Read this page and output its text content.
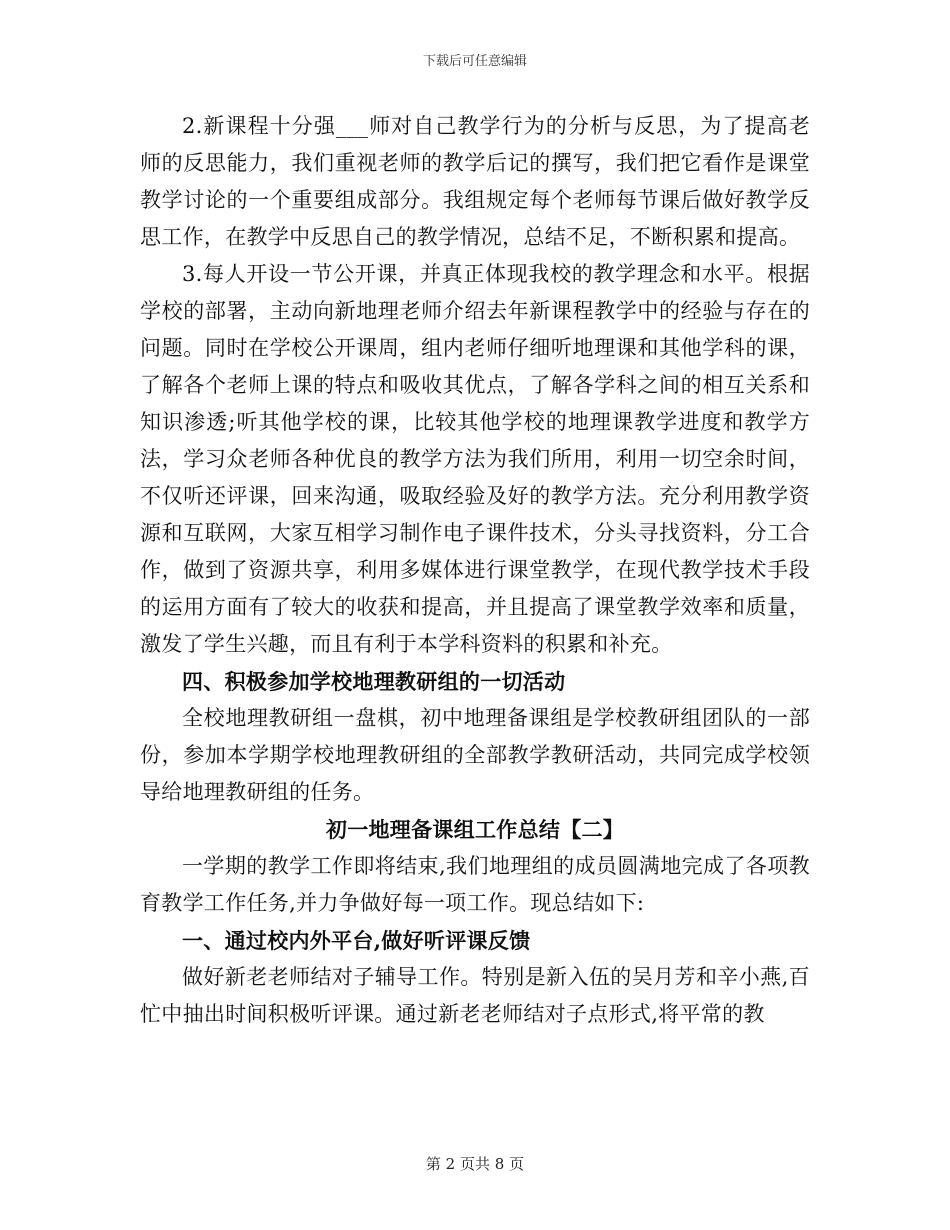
下载后可任意编辑

2.新课程十分强___师对自己教学行为的分析与反思，为了提高老师的反思能力，我们重视老师的教学后记的撰写，我们把它看作是课堂教学讨论的一个重要组成部分。我组规定每个老师每节课后做好教学反思工作，在教学中反思自己的教学情况，总结不足，不断积累和提高。

3.每人开设一节公开课，并真正体现我校的教学理念和水平。根据学校的部署，主动向新地理老师介绍去年新课程教学中的经验与存在的问题。同时在学校公开课周，组内老师仔细听地理课和其他学科的课，了解各个老师上课的特点和吸收其优点，了解各学科之间的相互关系和知识渗透;听其他学校的课，比较其他学校的地理课教学进度和教学方法，学习众老师各种优良的教学方法为我们所用，利用一切空余时间，不仅听还评课，回来沟通，吸取经验及好的教学方法。充分利用教学资源和互联网，大家互相学习制作电子课件技术，分头寻找资料，分工合作，做到了资源共享，利用多媒体进行课堂教学，在现代教学技术手段的运用方面有了较大的收获和提高，并且提高了课堂教学效率和质量，激发了学生兴趣，而且有利于本学科资料的积累和补充。

四、积极参加学校地理教研组的一切活动

全校地理教研组一盘棋，初中地理备课组是学校教研组团队的一部份，参加本学期学校地理教研组的全部教学教研活动，共同完成学校领导给地理教研组的任务。

初一地理备课组工作总结【二】

一学期的教学工作即将结束,我们地理组的成员圆满地完成了各项教育教学工作任务,并力争做好每一项工作。现总结如下:

一、通过校内外平台,做好听评课反馈

做好新老老师结对子辅导工作。特别是新入伍的吴月芳和辛小燕,百忙中抽出时间积极听评课。通过新老老师结对子点形式,将平常的教

第 2 页共 8 页
